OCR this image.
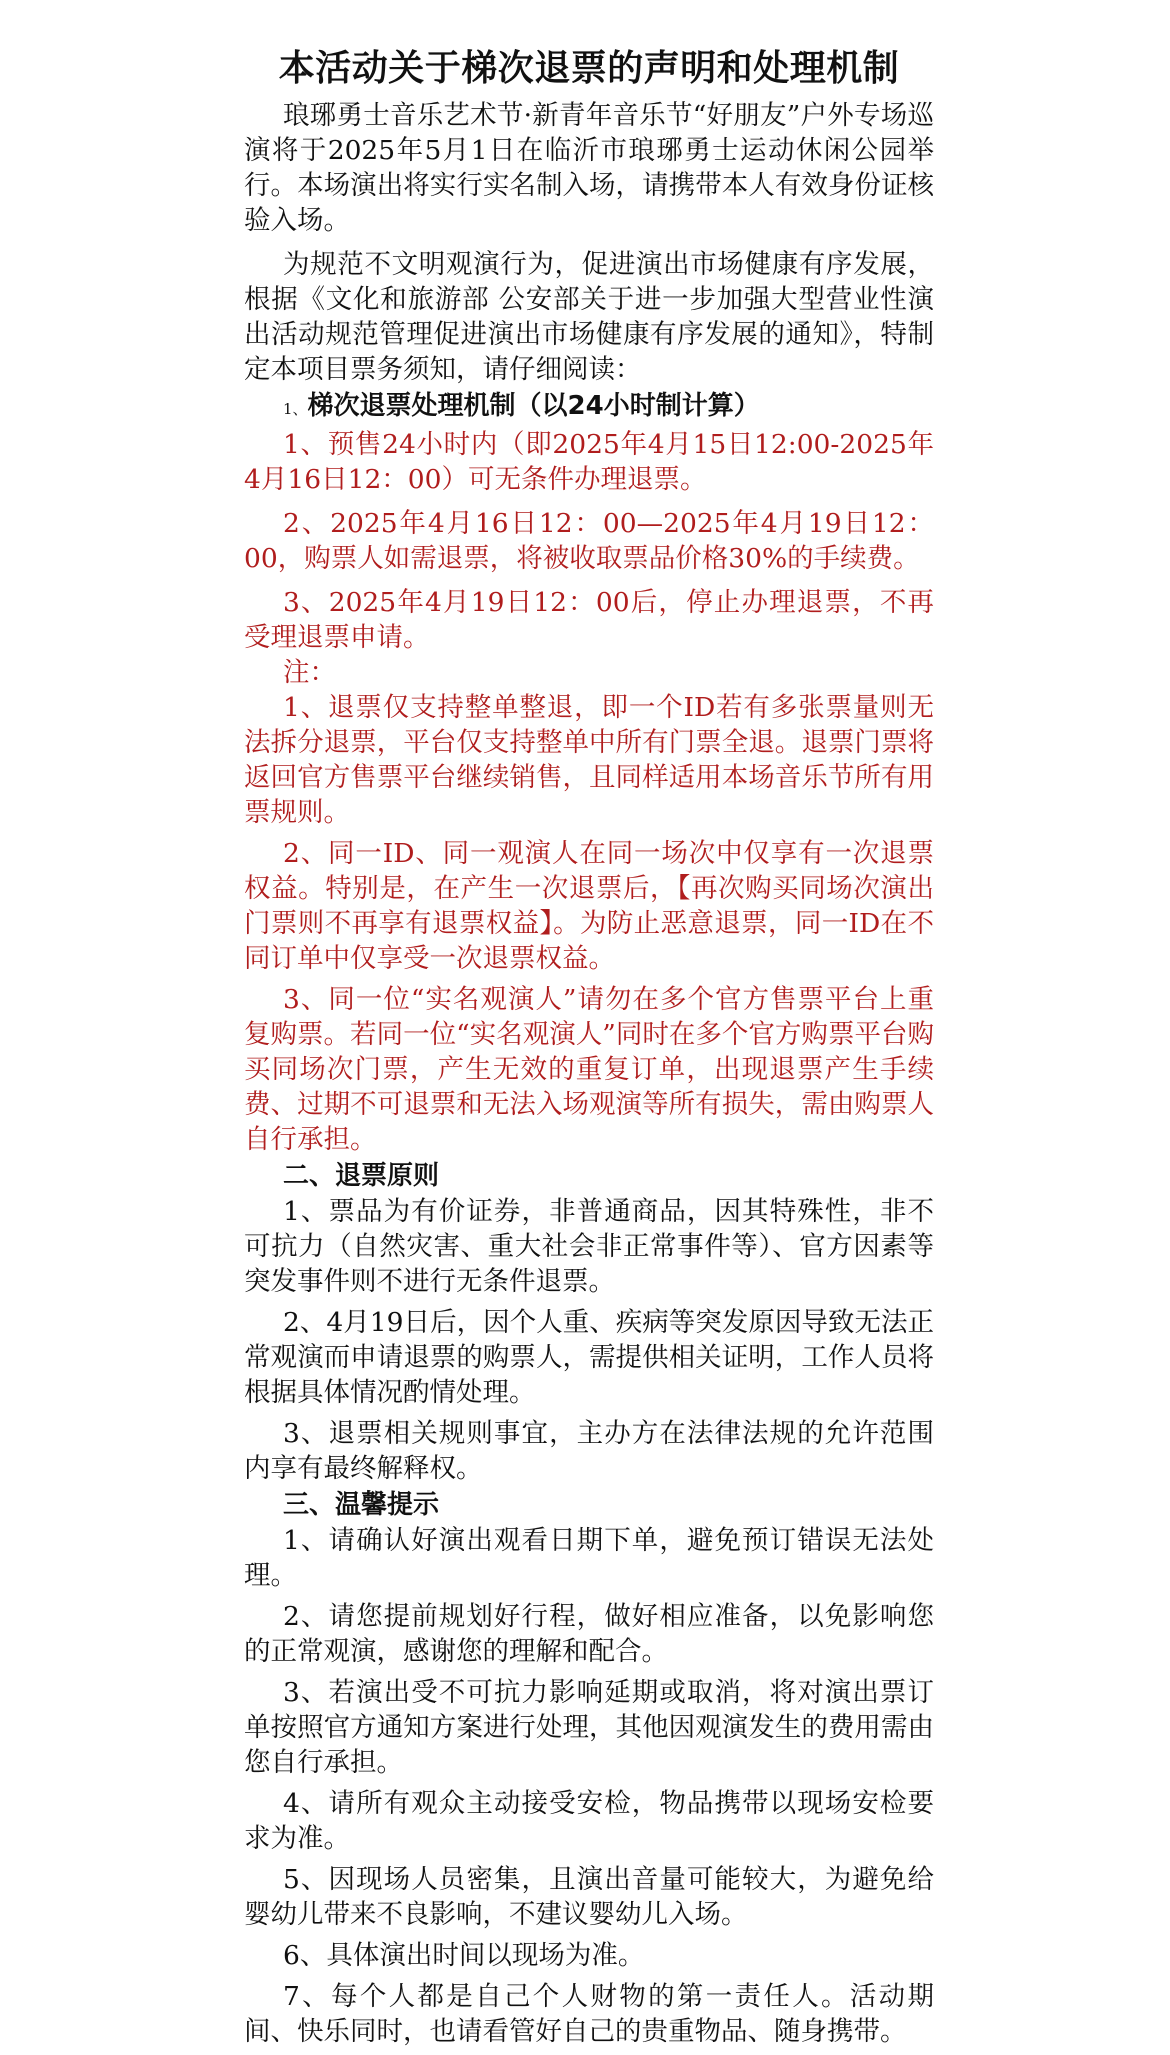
本活动关于梯次退票的声明和处理机制

琅琊勇士音乐艺术节·新青年音乐节“好朋友”户外专场巡演将于2025年5月1日在临沂市琅琊勇士运动休闲公园举行。本场演出将实行实名制入场，请携带本人有效身份证核验入场。

为规范不文明观演行为，促进演出市场健康有序发展，根据《文化和旅游部 公安部关于进一步加强大型营业性演出活动规范管理促进演出市场健康有序发展的通知》，特制定本项目票务须知，请仔细阅读：

1、梯次退票处理机制（以24小时制计算）

1、预售24小时内（即2025年4月15日12:00-2025年4月16日12：00）可无条件办理退票。

2、2025年4月16日12：00—2025年4月19日12：00，购票人如需退票，将被收取票品价格30%的手续费。

3、2025年4月19日12：00后，停止办理退票，不再受理退票申请。

注：

1、退票仅支持整单整退，即一个ID若有多张票量则无法拆分退票，平台仅支持整单中所有门票全退。退票门票将返回官方售票平台继续销售，且同样适用本场音乐节所有用票规则。

2、同一ID、同一观演人在同一场次中仅享有一次退票权益。特别是，在产生一次退票后，【再次购买同场次演出门票则不再享有退票权益】。为防止恶意退票，同一ID在不同订单中仅享受一次退票权益。

3、同一位“实名观演人”请勿在多个官方售票平台上重复购票。若同一位“实名观演人”同时在多个官方购票平台购买同场次门票，产生无效的重复订单，出现退票产生手续费、过期不可退票和无法入场观演等所有损失，需由购票人自行承担。

二、退票原则

1、票品为有价证券，非普通商品，因其特殊性，非不可抗力（自然灾害、重大社会非正常事件等）、官方因素等突发事件则不进行无条件退票。

2、4月19日后，因个人重、疾病等突发原因导致无法正常观演而申请退票的购票人，需提供相关证明，工作人员将根据具体情况酌情处理。

3、退票相关规则事宜，主办方在法律法规的允许范围内享有最终解释权。

三、温馨提示

1、请确认好演出观看日期下单，避免预订错误无法处理。

2、请您提前规划好行程，做好相应准备，以免影响您的正常观演，感谢您的理解和配合。

3、若演出受不可抗力影响延期或取消，将对演出票订单按照官方通知方案进行处理，其他因观演发生的费用需由您自行承担。

4、请所有观众主动接受安检，物品携带以现场安检要求为准。

5、因现场人员密集，且演出音量可能较大，为避免给婴幼儿带来不良影响，不建议婴幼儿入场。

6、具体演出时间以现场为准。

7、每个人都是自己个人财物的第一责任人。活动期间、快乐同时，也请看管好自己的贵重物品、随身携带。
